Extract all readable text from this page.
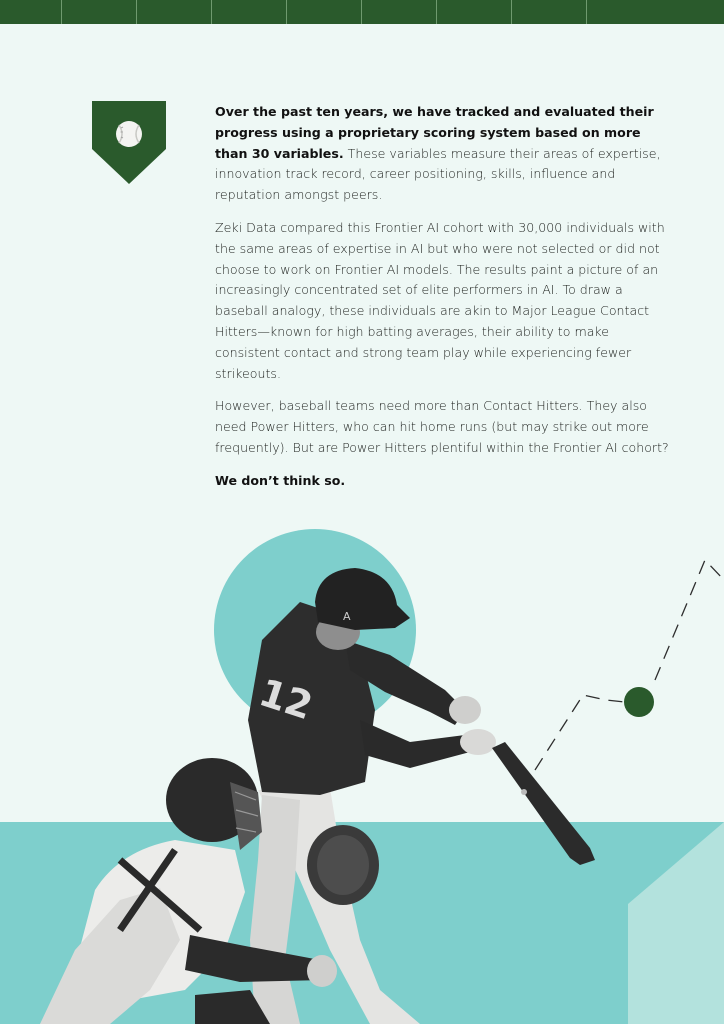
Over the past ten years, we have tracked and evaluated their progress using a proprietary scoring system based on more than 30 variables. These variables measure their areas of expertise, innovation track record, career positioning, skills, influence and reputation amongst peers.

Zeki Data compared this Frontier AI cohort with 30,000 individuals with the same areas of expertise in AI but who were not selected or did not choose to work on Frontier AI models. The results paint a picture of an increasingly concentrated set of elite performers in AI. To draw a baseball analogy, these individuals are akin to Major League Contact Hitters—known for high batting averages, their ability to make consistent contact and strong team play while experiencing fewer strikeouts.

However, baseball teams need more than Contact Hitters. They also need Power Hitters, who can hit home runs (but may strike out more frequently). But are Power Hitters plentiful within the Frontier AI cohort?

We don’t think so.

12
A
